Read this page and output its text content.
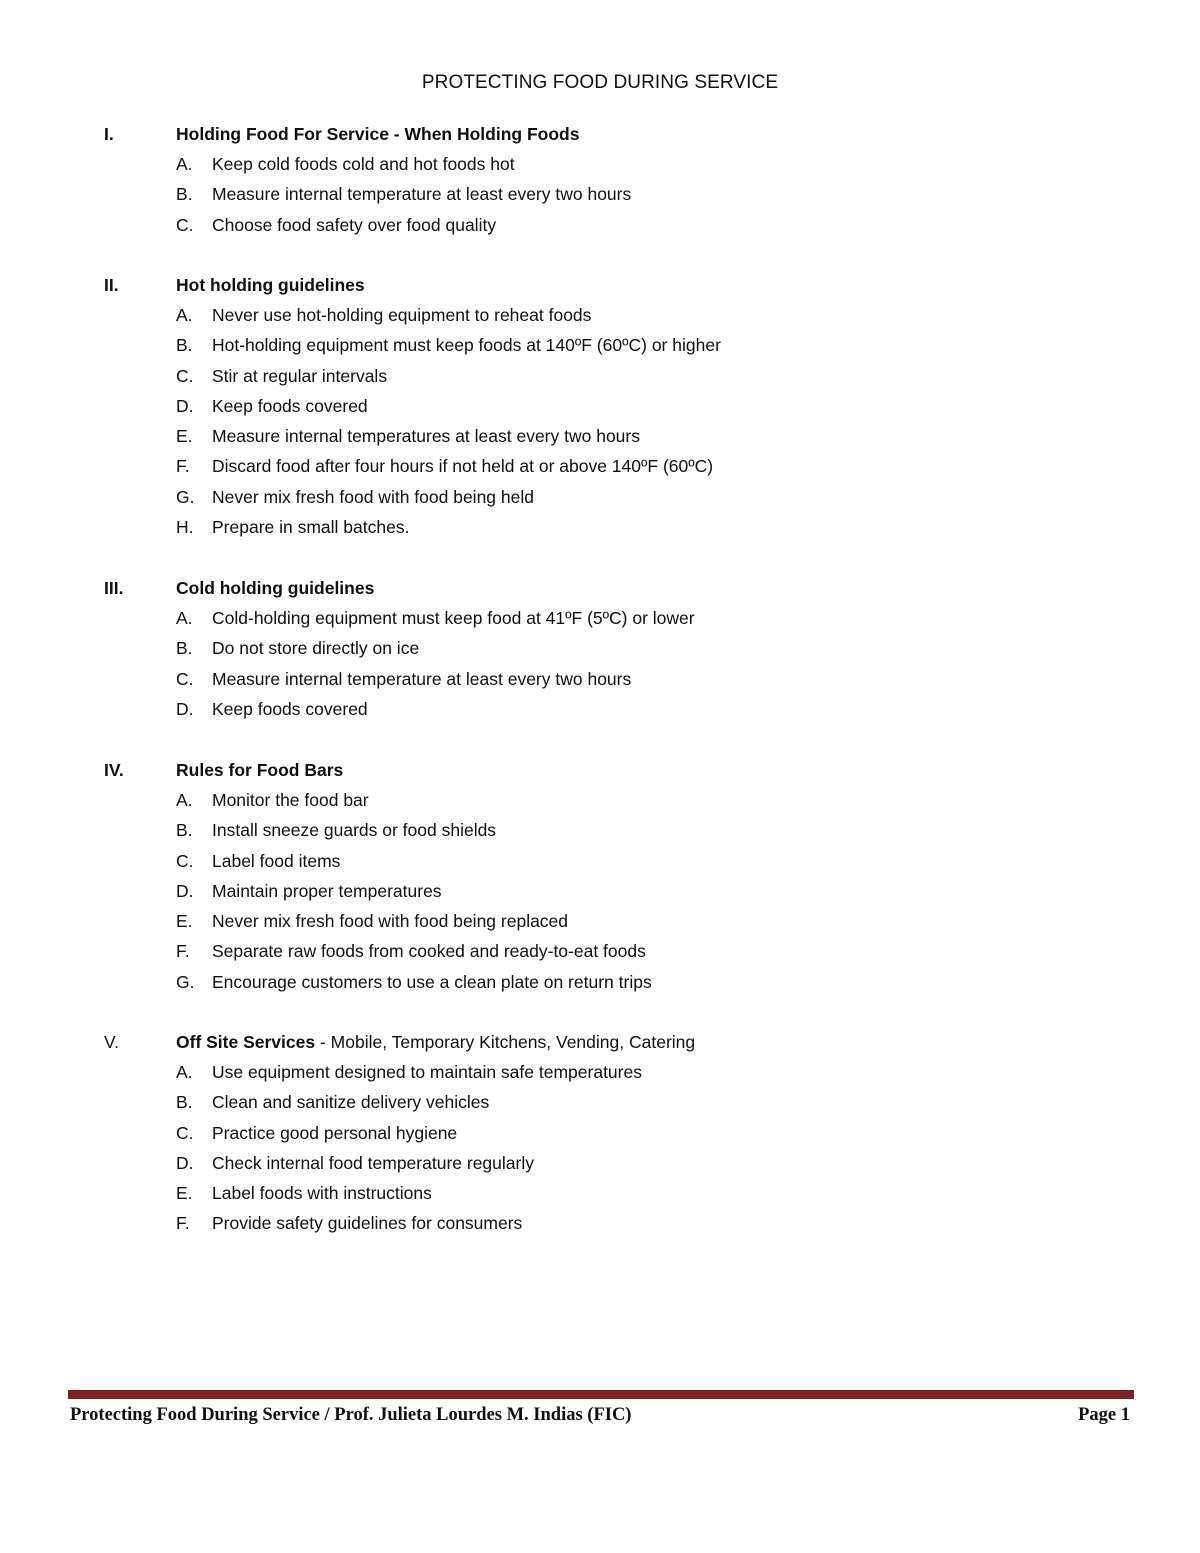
PROTECTING FOOD DURING SERVICE
I.	Holding Food For Service - When Holding Foods
A. Keep cold foods cold and hot foods hot
B. Measure internal temperature at least every two hours
C. Choose food safety over food quality
II.	Hot holding guidelines
A. Never use hot-holding equipment to reheat foods
B. Hot-holding equipment must keep foods at 140ºF (60ºC) or higher
C. Stir at regular intervals
D. Keep foods covered
E. Measure internal temperatures at least every two hours
F. Discard food after four hours if not held at or above 140ºF (60ºC)
G. Never mix fresh food with food being held
H. Prepare in small batches.
III.	Cold holding guidelines
A. Cold-holding equipment must keep food at 41ºF (5ºC) or lower
B. Do not store directly on ice
C. Measure internal temperature at least every two hours
D. Keep foods covered
IV.	Rules for Food Bars
A. Monitor the food bar
B. Install sneeze guards or food shields
C. Label food items
D. Maintain proper temperatures
E. Never mix fresh food with food being replaced
F. Separate raw foods from cooked and ready-to-eat foods
G. Encourage customers to use a clean plate on return trips
V.	Off Site Services - Mobile, Temporary Kitchens, Vending, Catering
A. Use equipment designed to maintain safe temperatures
B. Clean and sanitize delivery vehicles
C. Practice good personal hygiene
D. Check internal food temperature regularly
E. Label foods with instructions
F. Provide safety guidelines for consumers
Protecting Food During Service / Prof. Julieta Lourdes M. Indias (FIC)	Page 1
